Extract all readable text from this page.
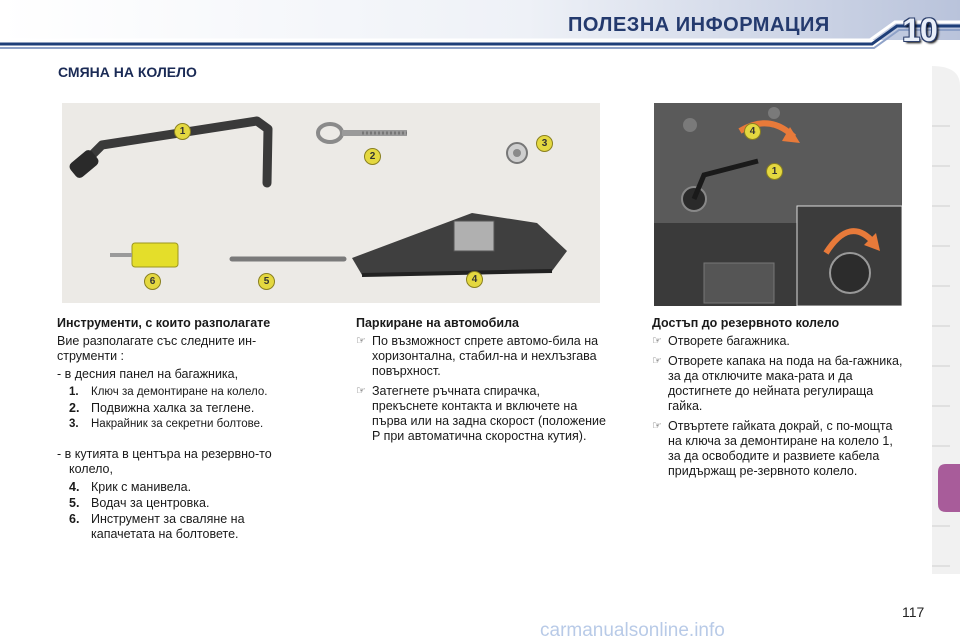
ПОЛЕЗНА ИНФОРМАЦИЯ 10
СМЯНА НА КОЛЕЛО
1
2
3
4
5
6
4
1
Инструменти, с които разполагате

Вие разполагате със следните ин-струменти :

- в десния панел на багажника,

1. Ключ за демонтиране на колело.
2. Подвижна халка за теглене.
3. Накрайник за секретни болтове.

- в кутията в центъра на резервно-то колело,

4. Крик с манивела.
5. Водач за центровка.
6. Инструмент за сваляне на капачетата на болтовете.
Паркиране на автомобила
☞ По възможност спрете автомо-била на хоризонтална, стабил-на и нехлъзгава повърхност.
☞ Затегнете ръчната спирачка, прекъснете контакта и включете на първа или на задна скорост (положение P при автоматична скоростна кутия).
Достъп до резервното колело
☞ Отворете багажника.
☞ Отворете капака на пода на ба-гажника, за да отключите мака-рата и да достигнете до нейната регулираща гайка.
☞ Отвъртете гайката докрай, с по-мощта на ключа за демонтиране на колело 1, за да освободите и развиете кабела придържащ ре-зервното колело.
117
carmanualsonline.info
